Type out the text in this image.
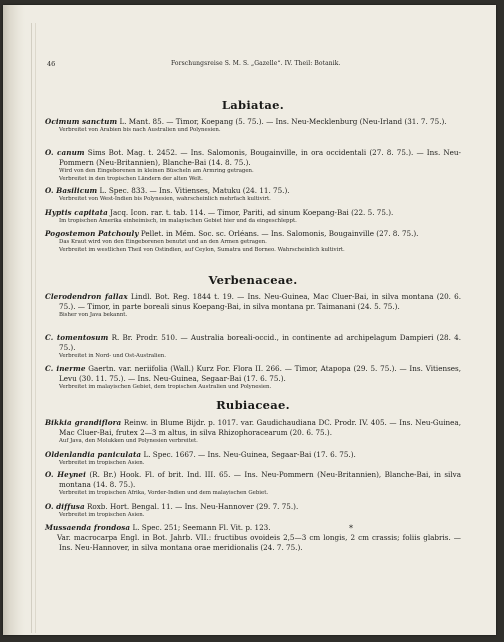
46	Forschungsreise S. M. S. „Gazelle“. IV. Theil: Botanik.
Labiatae.

Ocimum sanctum L. Mant. 85. — Timor, Koepang (5. 75.). — Ins. Neu-Mecklenburg (Neu-Irland (31. 7. 75.).

Verbreitet von Arabien bis nach Australien und Polynesien.

O. canum Sims Bot. Mag. t. 2452. — Ins. Salomonis, Bougainville, in ora occidentali (27. 8. 75.). — Ins. Neu-Pommern (Neu-Britannien), Blanche-Bai (14. 8. 75.).

Wird von den Eingeborenen in kleinen Büscheln am Armring getragen.

Verbreitet in den tropischen Ländern der alten Welt.

O. Basilicum L. Spec. 833. — Ins. Vitienses, Matuku (24. 11. 75.).

Verbreitet von West-Indien bis Polynesien, wahrscheinlich mehrfach kultivirt.

Hyptis capitata Jacq. Icon. rar. t. tab. 114. — Timor, Pariti, ad sinum Koepang-Bai (22. 5. 75.).

Im tropischen Amerika einheimisch, im malayischen Gebiet hier und da eingeschleppt.

Pogostemon Patchouly Pellet. in Mém. Soc. sc. Orléans. — Ins. Salomonis, Bougainville (27. 8. 75.).

Das Kraut wird von den Eingeborenen benutzt und an den Armen getragen.

Verbreitet im westlichen Theil von Ostindien, auf Ceylon, Sumatra und Borneo. Wahrscheinlich kultivirt.

Verbenaceae.

Clerodendron fallax Lindl. Bot. Reg. 1844 t. 19. — Ins. Neu-Guinea, Mac Cluer-Bai, in silva montana (20. 6. 75.). — Timor, in parte boreali sinus Koepang-Bai, in silva montana pr. Taimanani (24. 5. 75.).

Bisher von Java bekannt.

C. tomentosum R. Br. Prodr. 510. — Australia boreali-occid., in continente ad archipelagum Dampieri (28. 4. 75.).

Verbreitet in Nord- und Ost-Australien.

C. inerme Gaertn. var. neriifolia (Wall.) Kurz For. Flora II. 266. — Timor, Atapopa (29. 5. 75.). — Ins. Vitienses, Levu (30. 11. 75.). — Ins. Neu-Guinea, Segaar-Bai (17. 6. 75.).

Verbreitet im malayischen Gebiet, dem tropischen Australien und Polynesien.

Rubiaceae.

Bikkia grandiflora Reinw. in Blume Bijdr. p. 1017. var. Gaudichaudiana DC. Prodr. IV. 405. — Ins. Neu-Guinea, Mac Cluer-Bai, frutex 2—3 m altus, in silva Rhizophoracearum (20. 6. 75.).

Auf Java, den Molukken und Polynesien verbreitet.

Oldenlandia paniculata L. Spec. 1667. — Ins. Neu-Guinea, Segaar-Bai (17. 6. 75.).

Verbreitet im tropischen Asien.

O. Heynei (R. Br.) Hook. Fl. of brit. Ind. III. 65. — Ins. Neu-Pommern (Neu-Britannien), Blanche-Bai, in silva montana (14. 8. 75.).

Verbreitet im tropischen Afrika, Vorder-Indien und dem malayischen Gebiet.

O. diffusa Roxb. Hort. Bengal. 11. — Ins. Neu-Hannover (29. 7. 75.).

Verbreitet im tropischen Asien.

Mussaenda frondosa L. Spec. 251; Seemann Fl. Vit. p. 123.

Var. macrocarpa Engl. in Bot. Jahrb. VII.: fructibus ovoideis 2,5—3 cm longis, 2 cm crassis; foliis glabris. — Ins. Neu-Hannover, in silva montana orae meridionalis (24. 7. 75.).

*
